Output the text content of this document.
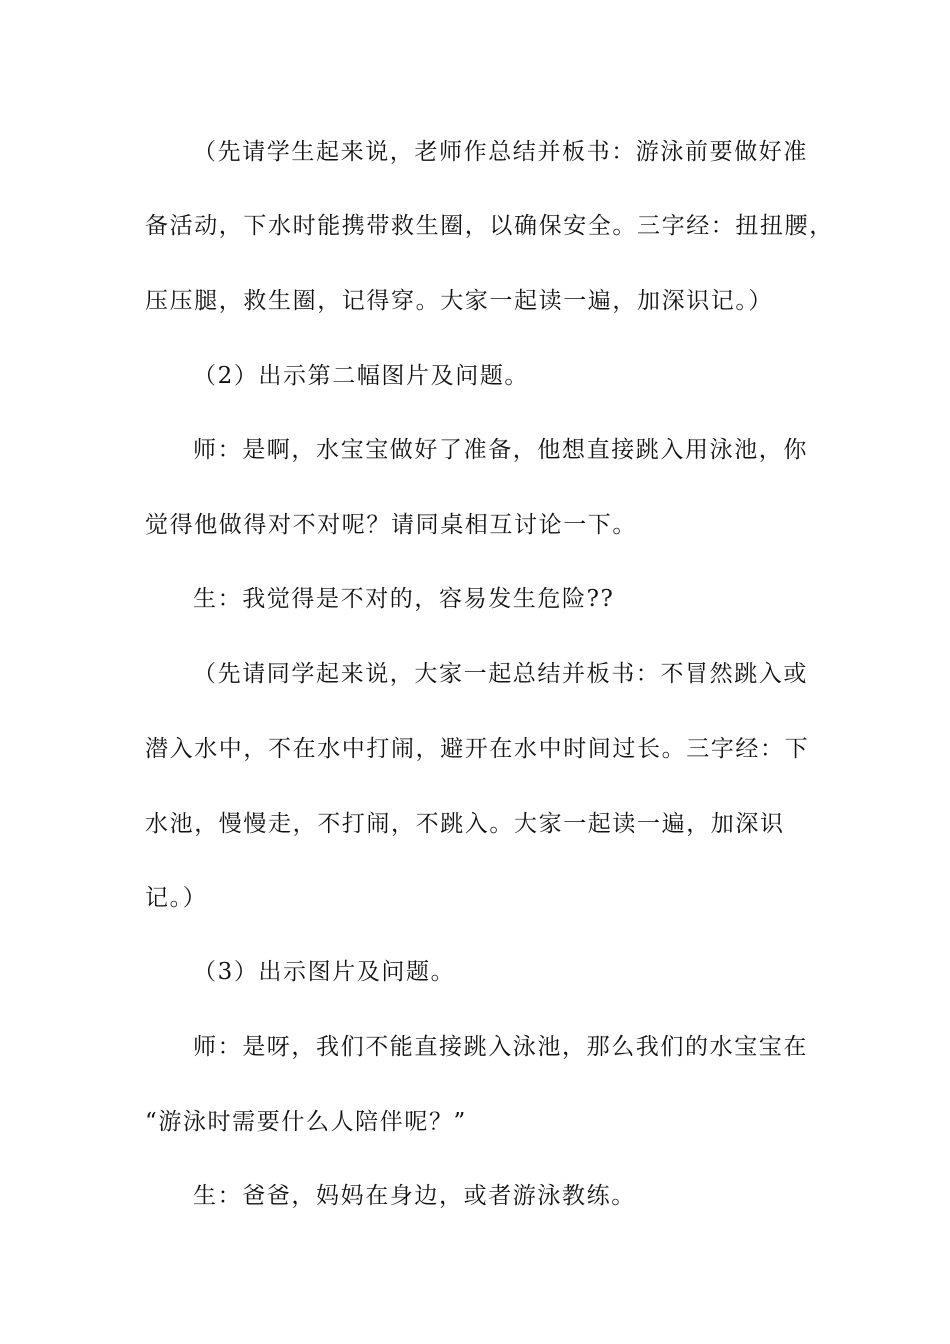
（先请学生起来说，老师作总结并板书：游泳前要做好准
备活动，下水时能携带救生圈，以确保安全。三字经：扭扭腰，
压压腿，救生圈，记得穿。大家一起读一遍，加深识记。）
（2）出示第二幅图片及问题。
师：是啊，水宝宝做好了准备，他想直接跳入用泳池，你
觉得他做得对不对呢？请同桌相互讨论一下。
生：我觉得是不对的，容易发生危险??
（先请同学起来说，大家一起总结并板书：不冒然跳入或
潜入水中，不在水中打闹，避开在水中时间过长。三字经：下
水池，慢慢走，不打闹，不跳入。大家一起读一遍，加深识
记。）
（3）出示图片及问题。
师：是呀，我们不能直接跳入泳池，那么我们的水宝宝在
“游泳时需要什么人陪伴呢？”
生：爸爸，妈妈在身边，或者游泳教练。
